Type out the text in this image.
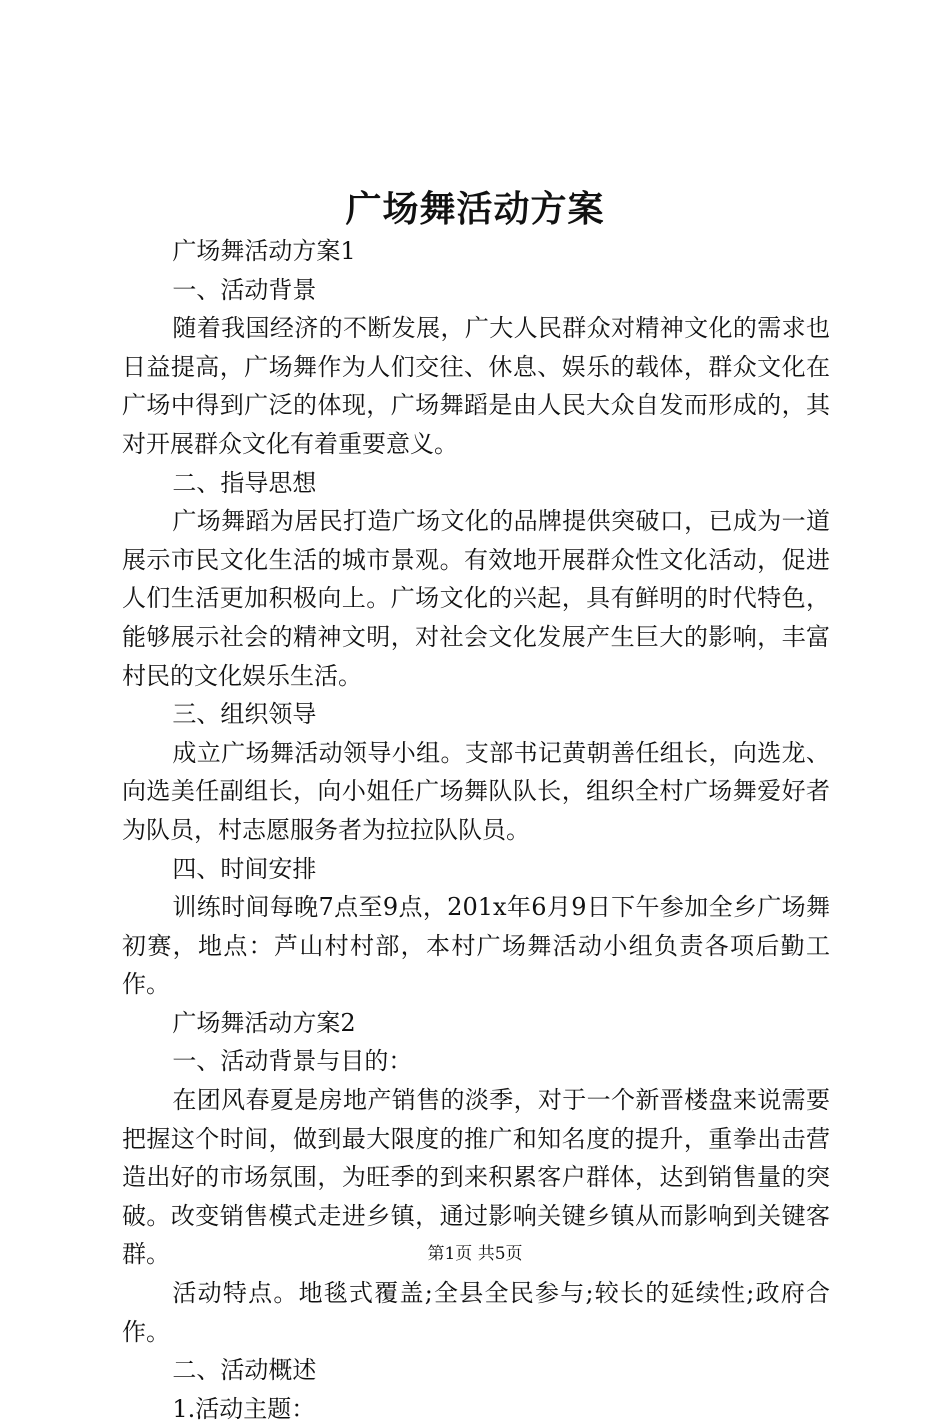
广场舞活动方案

广场舞活动方案1

一、活动背景

随着我国经济的不断发展，广大人民群众对精神文化的需求也日益提高，广场舞作为人们交往、休息、娱乐的载体，群众文化在广场中得到广泛的体现，广场舞蹈是由人民大众自发而形成的，其对开展群众文化有着重要意义。

二、指导思想

广场舞蹈为居民打造广场文化的品牌提供突破口，已成为一道展示市民文化生活的城市景观。有效地开展群众性文化活动，促进人们生活更加积极向上。广场文化的兴起，具有鲜明的时代特色，能够展示社会的精神文明，对社会文化发展产生巨大的影响，丰富村民的文化娱乐生活。

三、组织领导

成立广场舞活动领导小组。支部书记黄朝善任组长，向选龙、向选美任副组长，向小姐任广场舞队队长，组织全村广场舞爱好者为队员，村志愿服务者为拉拉队队员。

四、时间安排

训练时间每晚7点至9点，201x年6月9日下午参加全乡广场舞初赛，地点：芦山村村部，本村广场舞活动小组负责各项后勤工作。

广场舞活动方案2

一、活动背景与目的：

在团风春夏是房地产销售的淡季，对于一个新晋楼盘来说需要把握这个时间，做到最大限度的推广和知名度的提升，重拳出击营造出好的市场氛围，为旺季的到来积累客户群体，达到销售量的突破。改变销售模式走进乡镇，通过影响关键乡镇从而影响到关键客群。

活动特点。地毯式覆盖;全县全民参与;较长的延续性;政府合作。

二、活动概述

1.活动主题：

第1页 共5页
